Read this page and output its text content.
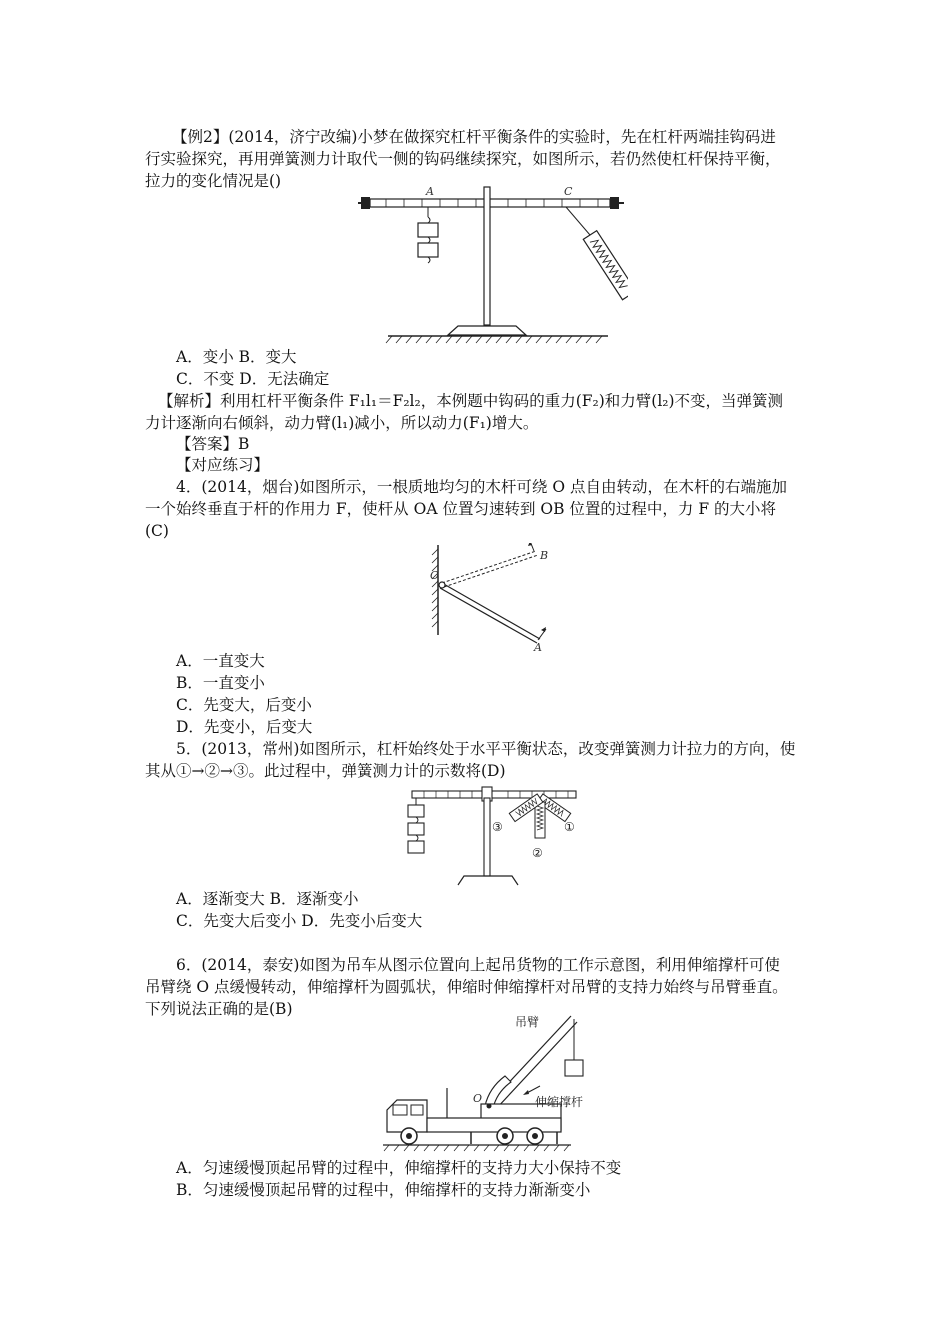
【例2】(2014，济宁改编)小梦在做探究杠杆平衡条件的实验时，先在杠杆两端挂钩码进
行实验探究，再用弹簧测力计取代一侧的钩码继续探究，如图所示，若仍然使杠杆保持平衡，
拉力的变化情况是()
A	C
A．变小 B．变大
C．不变 D．无法确定
【解析】利用杠杆平衡条件 F₁l₁＝F₂l₂，本例题中钩码的重力(F₂)和力臂(l₂)不变，当弹簧测
力计逐渐向右倾斜，动力臂(l₁)减小，所以动力(F₁)增大。
【答案】B
【对应练习】
4．(2014，烟台)如图所示，一根质地均匀的木杆可绕 O 点自由转动，在木杆的右端施加
一个始终垂直于杆的作用力 F，使杆从 OA 位置匀速转到 OB 位置的过程中，力 F 的大小将
(C)
O
B
A
A．一直变大
B．一直变小
C．先变大，后变小
D．先变小，后变大
5．(2013，常州)如图所示，杠杆始终处于水平平衡状态，改变弹簧测力计拉力的方向，使
其从①→②→③。此过程中，弹簧测力计的示数将(D)
①
②
③
A．逐渐变大 B．逐渐变小
C．先变大后变小 D．先变小后变大
6．(2014，泰安)如图为吊车从图示位置向上起吊货物的工作示意图，利用伸缩撑杆可使
吊臂绕 O 点缓慢转动，伸缩撑杆为圆弧状，伸缩时伸缩撑杆对吊臂的支持力始终与吊臂垂直。
下列说法正确的是(B)
吊臂
O	伸缩撑杆
A．匀速缓慢顶起吊臂的过程中，伸缩撑杆的支持力大小保持不变
B．匀速缓慢顶起吊臂的过程中，伸缩撑杆的支持力渐渐变小
